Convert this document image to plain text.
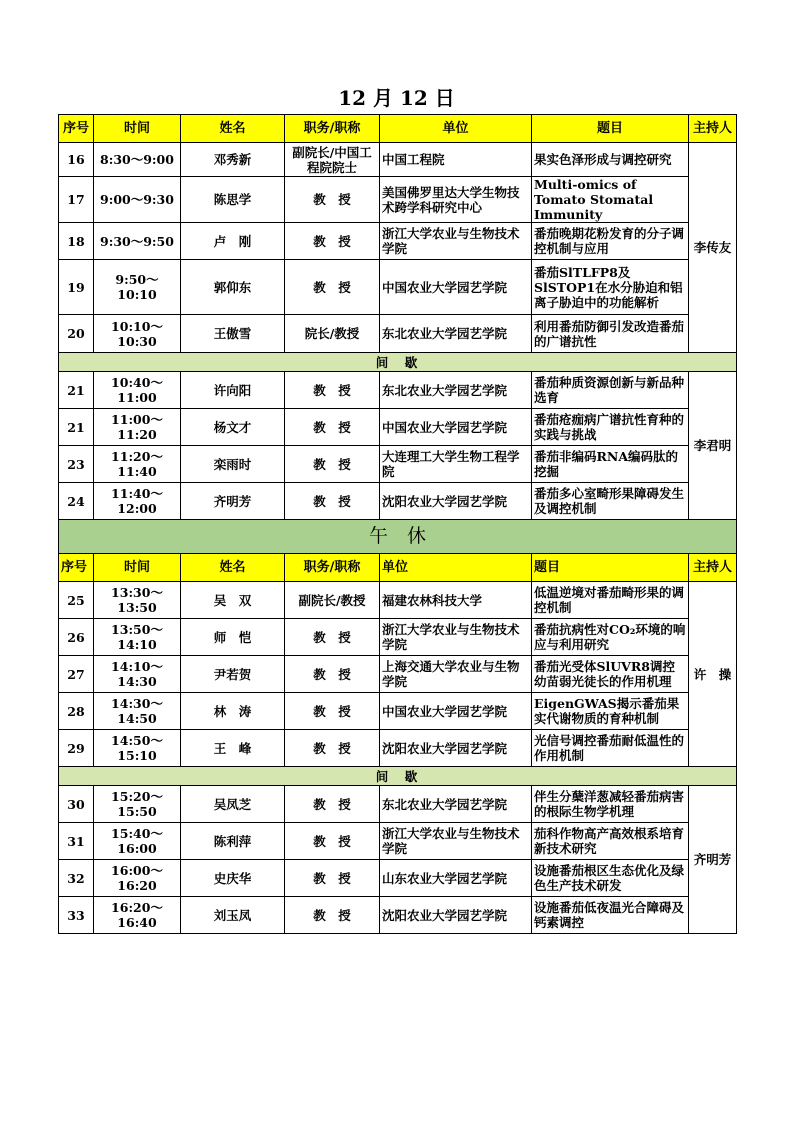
12 月 12 日
序号	时间	姓名	职务/职称	单位	题目	主持人
16	8:30～9:00	邓秀新	副院长/中国工程院院士	中国工程院	果实色泽形成与调控研究	李传友
17	9:00～9:30	陈思学	教　授	美国佛罗里达大学生物技术跨学科研究中心	Multi-omics of Tomato Stomatal Immunity	
18	9:30～9:50	卢　刚	教　授	浙江大学农业与生物技术学院	番茄晚期花粉发育的分子调控机制与应用	
19	9:50～10:10	郭仰东	教　授	中国农业大学园艺学院	番茄SlTLFP8及SlSTOP1在水分胁迫和铝离子胁迫中的功能解析	
20	10:10～10:30	王傲雪	院长/教授	东北农业大学园艺学院	利用番茄防御引发改造番茄的广谱抗性	
间　歇						
21	10:40～11:00	许向阳	教　授	东北农业大学园艺学院	番茄种质资源创新与新品种选育	李君明
21	11:00～11:20	杨文才	教　授	中国农业大学园艺学院	番茄疮痂病广谱抗性育种的实践与挑战	
23	11:20～11:40	栾雨时	教　授	大连理工大学生物工程学院	番茄非编码RNA编码肽的挖掘	
24	11:40～12:00	齐明芳	教　授	沈阳农业大学园艺学院	番茄多心室畸形果障碍发生及调控机制	
午　休						
序号	时间	姓名	职务/职称	单位	题目	主持人
25	13:30～13:50	吴　双	副院长/教授	福建农林科技大学	低温逆境对番茄畸形果的调控机制	许　操
26	13:50～14:10	师　恺	教　授	浙江大学农业与生物技术学院	番茄抗病性对CO₂环境的响应与利用研究	
27	14:10～14:30	尹若贺	教　授	上海交通大学农业与生物学院	番茄光受体SlUVR8调控幼苗弱光徒长的作用机理	
28	14:30～14:50	林　涛	教　授	中国农业大学园艺学院	EigenGWAS揭示番茄果实代谢物质的育种机制	
29	14:50～15:10	王　峰	教　授	沈阳农业大学园艺学院	光信号调控番茄耐低温性的作用机制	
间　歇						
30	15:20～15:50	吴凤芝	教　授	东北农业大学园艺学院	伴生分蘖洋葱减轻番茄病害的根际生物学机理	齐明芳
31	15:40～16:00	陈利萍	教　授	浙江大学农业与生物技术学院	茄科作物高产高效根系培育新技术研究	
32	16:00～16:20	史庆华	教　授	山东农业大学园艺学院	设施番茄根区生态优化及绿色生产技术研发	
33	16:20～16:40	刘玉凤	教　授	沈阳农业大学园艺学院	设施番茄低夜温光合障碍及钙素调控	
